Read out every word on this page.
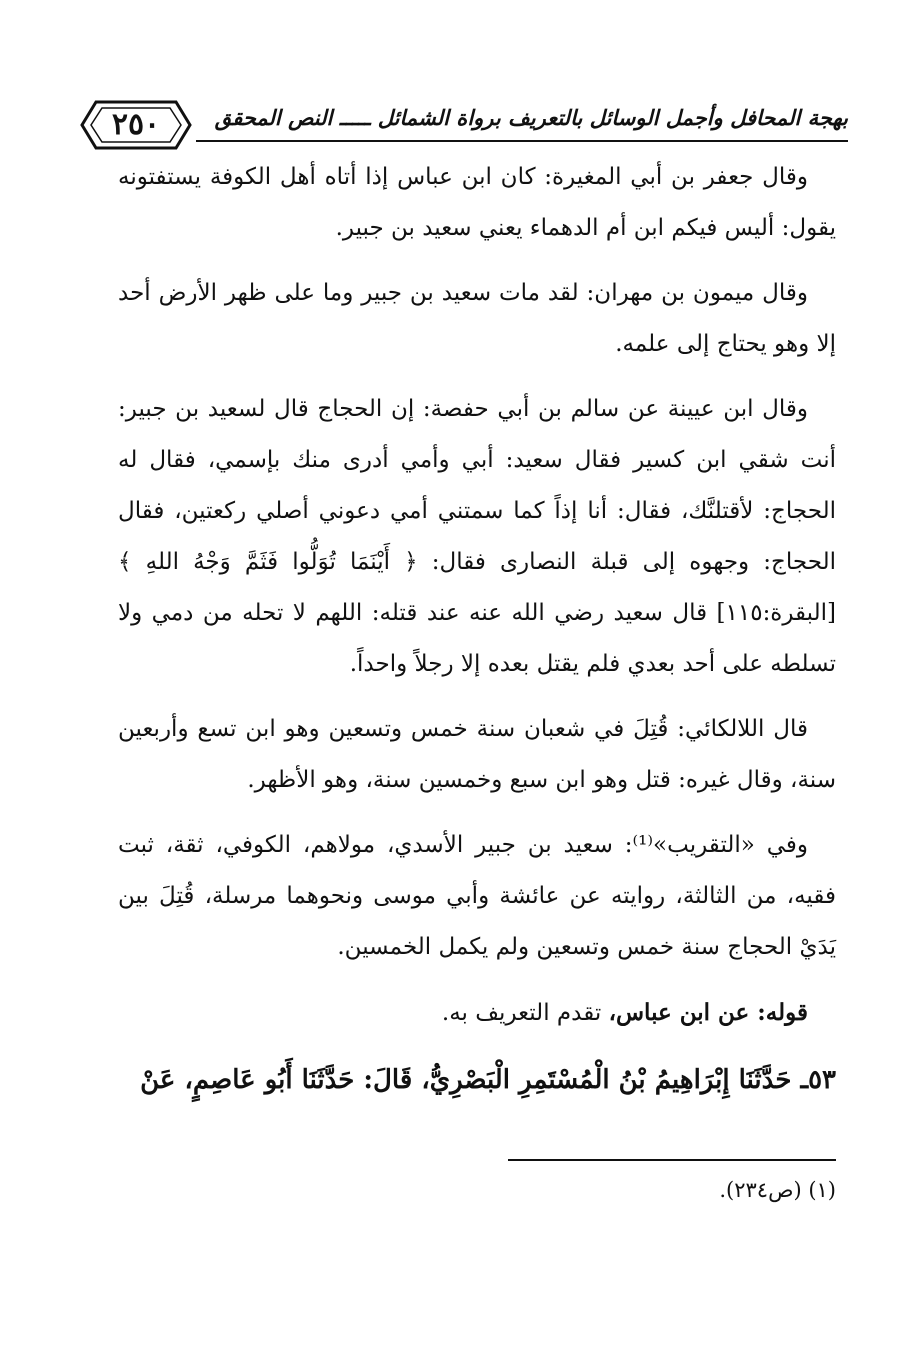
٢٥٠	بهجة المحافل وأجمل الوسائل بالتعريف برواة الشمائل ـــــ النص المحقق

وقال جعفر بن أبي المغيرة: كان ابن عباس إذا أتاه أهل الكوفة يستفتونه يقول: أليس فيكم ابن أم الدهماء يعني سعيد بن جبير.

وقال ميمون بن مهران: لقد مات سعيد بن جبير وما على ظهر الأرض أحد إلا وهو يحتاج إلى علمه.

وقال ابن عيينة عن سالم بن أبي حفصة: إن الحجاج قال لسعيد بن جبير: أنت شقي ابن كسير فقال سعيد: أبي وأمي أدرى منك بإسمي، فقال له الحجاج: لأقتلنَّك، فقال: أنا إذاً كما سمتني أمي دعوني أصلي ركعتين، فقال الحجاج: وجهوه إلى قبلة النصارى فقال: ﴿ أَيْنَمَا تُوَلُّوا فَثَمَّ وَجْهُ اللهِ ﴾[البقرة:١١٥] قال سعيد رضي الله عنه عند قتله: اللهم لا تحله من دمي ولا تسلطه على أحد بعدي فلم يقتل بعده إلا رجلاً واحداً.

قال اللالكائي: قُتِلَ في شعبان سنة خمس وتسعين وهو ابن تسع وأربعين سنة، وقال غيره: قتل وهو ابن سبع وخمسين سنة، وهو الأظهر.

وفي «التقريب»⁽¹⁾: سعيد بن جبير الأسدي، مولاهم، الكوفي، ثقة، ثبت فقيه، من الثالثة، روايته عن عائشة وأبي موسى ونحوهما مرسلة، قُتِلَ بين يَدَيْ الحجاج سنة خمس وتسعين ولم يكمل الخمسين.

قوله: عن ابن عباس، تقدم التعريف به.

٥٣ـ حَدَّثَنَا إِبْرَاهِيمُ بْنُ الْمُسْتَمِرِ الْبَصْرِيُّ، قَالَ: حَدَّثَنَا أَبُو عَاصِمٍ، عَنْ

(١) (ص٢٣٤).
